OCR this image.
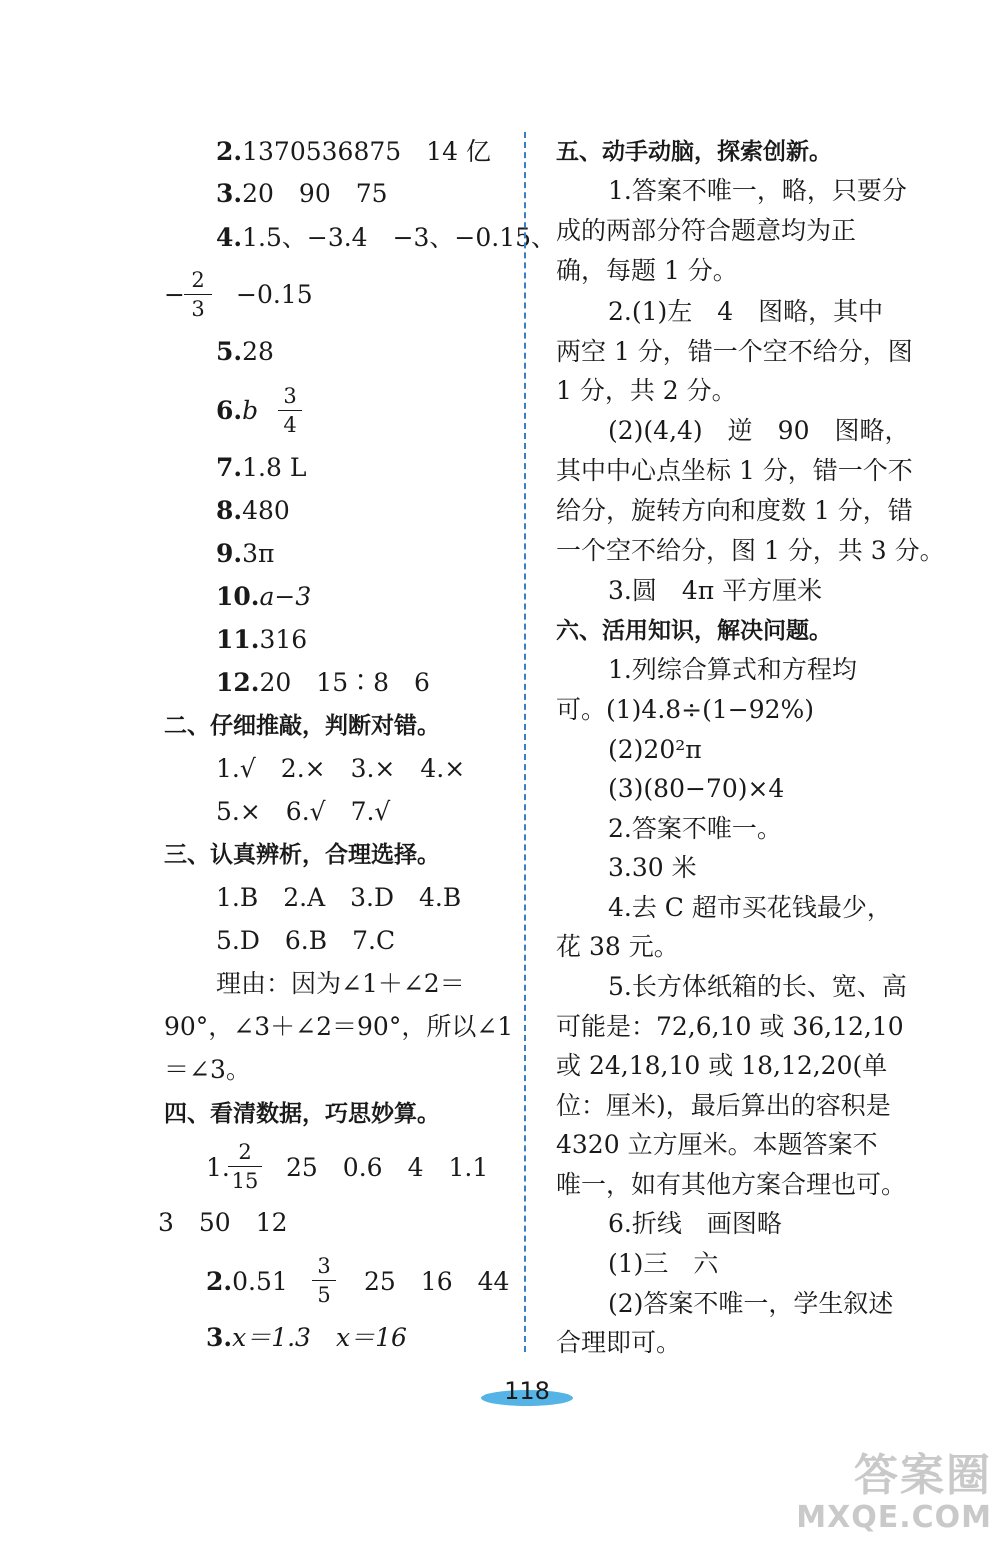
2.1370536875　14 亿
3.20　90　75
4.1.5、−3.4　−3、−0.15、
− 2
3 −0.15
5.28
6.b 3
4
7.1.8 L
8.480
9.3π
10.a−3
11.316
12.20　15∶8　6
二、仔细推敲，判断对错。
1.√　2.×　3.×　4.×
5.×　6.√　7.√
三、认真辨析，合理选择。
1.B　2.A　3.D　4.B
5.D　6.B　7.C
理由：因为∠1＋∠2＝
90°，∠3＋∠2＝90°，所以∠1
＝∠3。
四、看清数据，巧思妙算。
1.
2
15 25　0.6　4　1.1
3　50　12
2.0.51
3
5 25　16　44
3.x＝1.3　x＝16
五、动手动脑，探索创新。
1.答案不唯一，略，只要分
成的两部分符合题意均为正
确，每题 1 分。
2.(1)左　4　图略，其中
两空 1 分，错一个空不给分，图
1 分，共 2 分。
(2)(4,4)　逆　90　图略，
其中中心点坐标 1 分，错一个不
给分，旋转方向和度数 1 分，错
一个空不给分，图 1 分，共 3 分。
3.圆　4π 平方厘米
六、活用知识，解决问题。
1.列综合算式和方程均
可。(1)4.8÷(1−92%)
(2)20²π
(3)(80−70)×4
2.答案不唯一。
3.30 米
4.去 C 超市买花钱最少，
花 38 元。
5.长方体纸箱的长、宽、高
可能是：72,6,10 或 36,12,10
或 24,18,10 或 18,12,20(单
位：厘米)，最后算出的容积是
4320 立方厘米。本题答案不
唯一，如有其他方案合理也可。
6.折线　画图略
(1)三　六
(2)答案不唯一，学生叙述
合理即可。
118
答案圈
MXQE.COM
